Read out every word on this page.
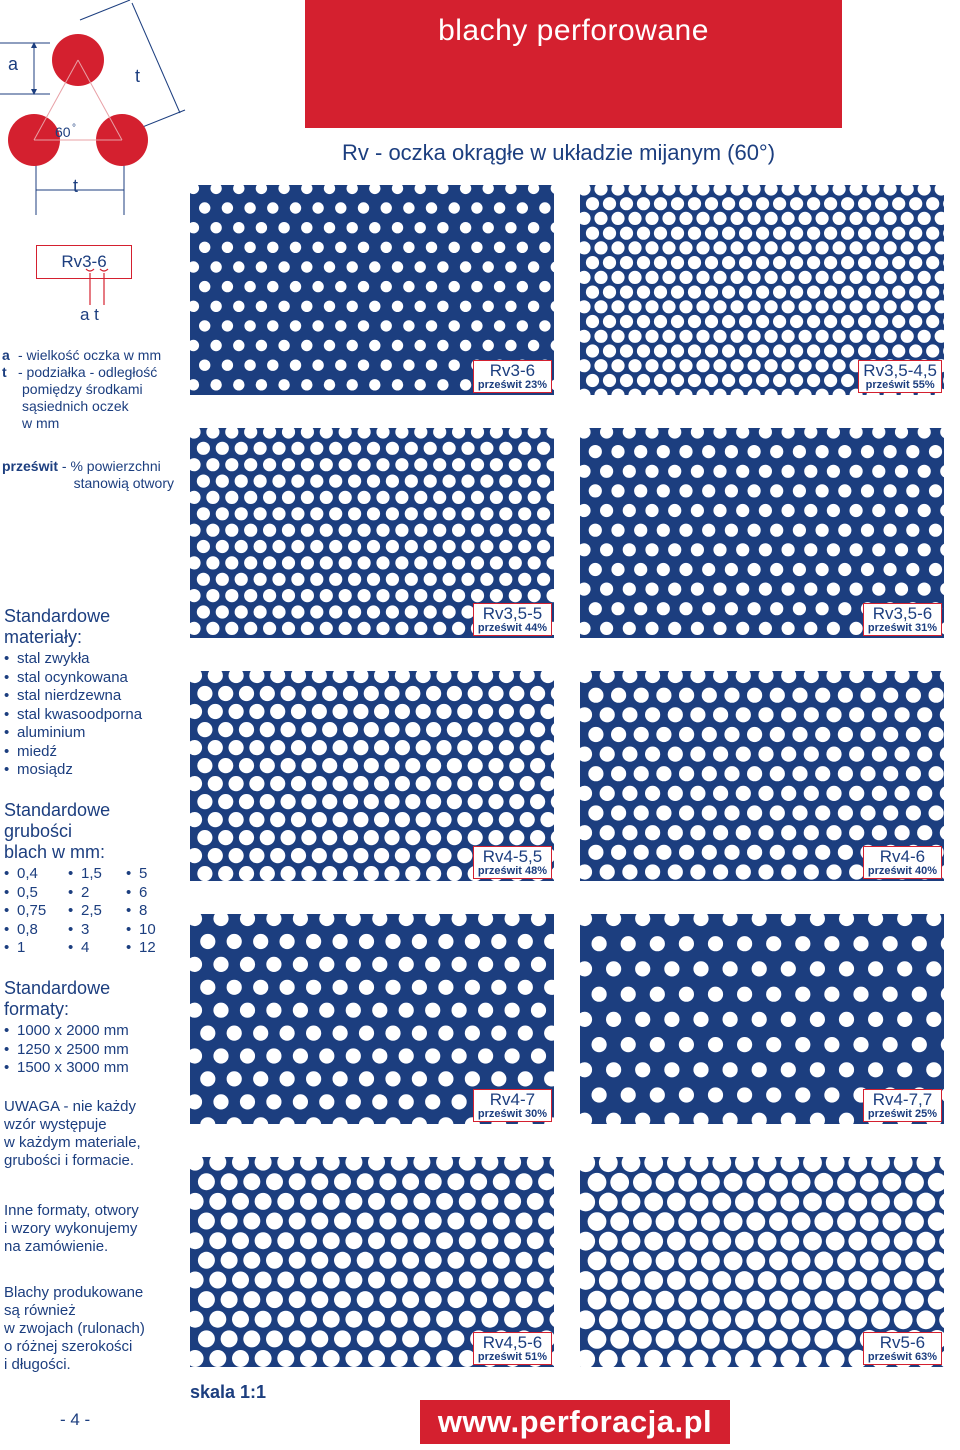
blachy perforowane
Rv - oczka okrągłe w układzie mijanym (60°)
a
t
60 °
t
Rv3-6
a t
a - wielkość oczka w mm
t - podziałka - odległość
pomiędzy środkami
sąsiednich oczek
w mm
prześwit - % powierzchni
stanowią otwory
Standardowe
materiały:
• stal zwykła
• stal ocynkowana
• stal nierdzewna
• stal kwasoodporna
• aluminium
• miedź
• mosiądz
Standardowe
grubości
blach w mm:
• 0,4	• 1,5	• 5
• 0,5	• 2	• 6
• 0,75	• 2,5	• 8
• 0,8	• 3	• 10
• 1	• 4	• 12
Standardowe
formaty:
• 1000 x 2000 mm
• 1250 x 2500 mm
• 1500 x 3000 mm
UWAGA - nie każdy
wzór występuje
w każdym materiale,
grubości i formacie.
Inne formaty, otwory
i wzory wykonujemy
na zamówienie.
Blachy produkowane
są również
w zwojach (rulonach)
o różnej szerokości
i długości.
Rv3-6
prześwit 23%
Rv3,5-4,5
prześwit 55%
Rv3,5-5
prześwit 44%
Rv3,5-6
prześwit 31%
Rv4-5,5
prześwit 48%
Rv4-6
prześwit 40%
Rv4-7
prześwit 30%
Rv4-7,7
prześwit 25%
Rv4,5-6
prześwit 51%
Rv5-6
prześwit 63%
- 4 -
skala 1:1
www.perforacja.pl
